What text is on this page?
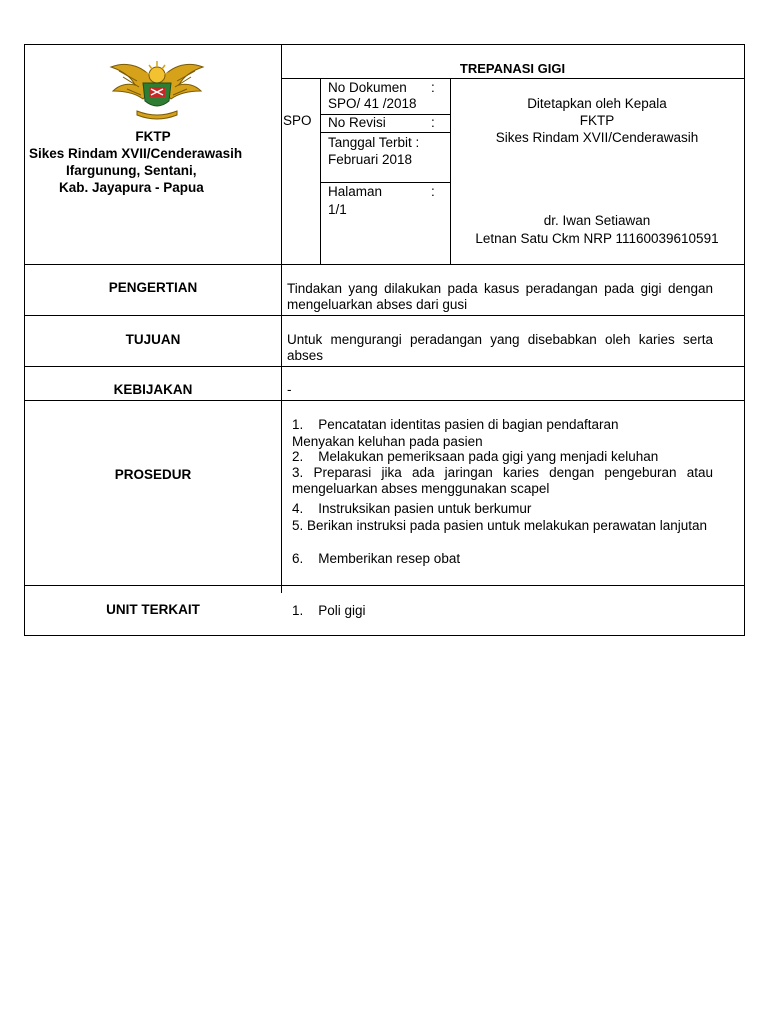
FKTP
Sikes Rindam XVII/Cenderawasih
Ifargunung, Sentani,
Kab. Jayapura - Papua
TREPANASI GIGI
SPO
No Dokumen :
SPO/ 41 /2018
No Revisi	:
Tanggal Terbit :
Februari 2018
Halaman	:
1/1
Ditetapkan oleh Kepala
FKTP
Sikes Rindam XVII/Cenderawasih
dr. Iwan Setiawan
Letnan Satu Ckm NRP 11160039610591
PENGERTIAN	Tindakan yang dilakukan pada kasus peradangan pada gigi dengan mengeluarkan abses dari gusi
TUJUAN	Untuk mengurangi peradangan yang disebabkan oleh karies serta abses
KEBIJAKAN	-
PROSEDUR
1.    Pencatatan identitas pasien di bagian pendaftaran
Menyakan keluhan pada pasien
2.    Melakukan pemeriksaan pada gigi yang menjadi keluhan
3. Preparasi jika ada jaringan karies dengan pengeburan atau mengeluarkan abses menggunakan scapel
4.    Instruksikan pasien untuk berkumur
5. Berikan instruksi pada pasien untuk melakukan perawatan lanjutan
6.    Memberikan resep obat
UNIT TERKAIT	1.    Poli gigi
